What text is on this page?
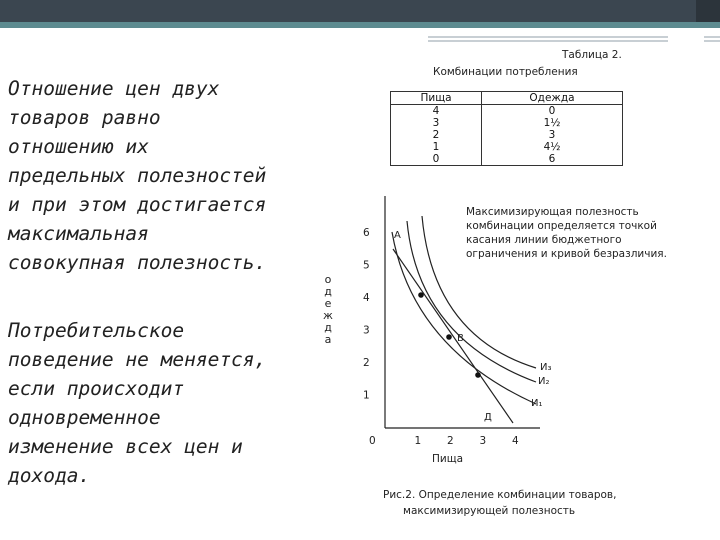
Отношение цен двух
товаров равно
отношению их
предельных полезностей
и при этом достигается
максимальная
совокупная полезность.
Потребительское
поведение не меняется,
если происходит
одновременное
изменение всех цен и
дохода.
Таблица 2.
Комбинации потребления
Пища	Одежда
4	0
3	1½
2	3
1	4½
0	6
Максимизирующая полезность
комбинации определяется точкой
касания линии бюджетного
ограничения и кривой безразличия.
о
д
е
ж
д
а
0	1 2 3 4
1
2
3
4
5
6 А
В
Д
И₃
И₂
И₁
Пища
Рис.2. Определение комбинации товаров,
максимизирующей полезность
